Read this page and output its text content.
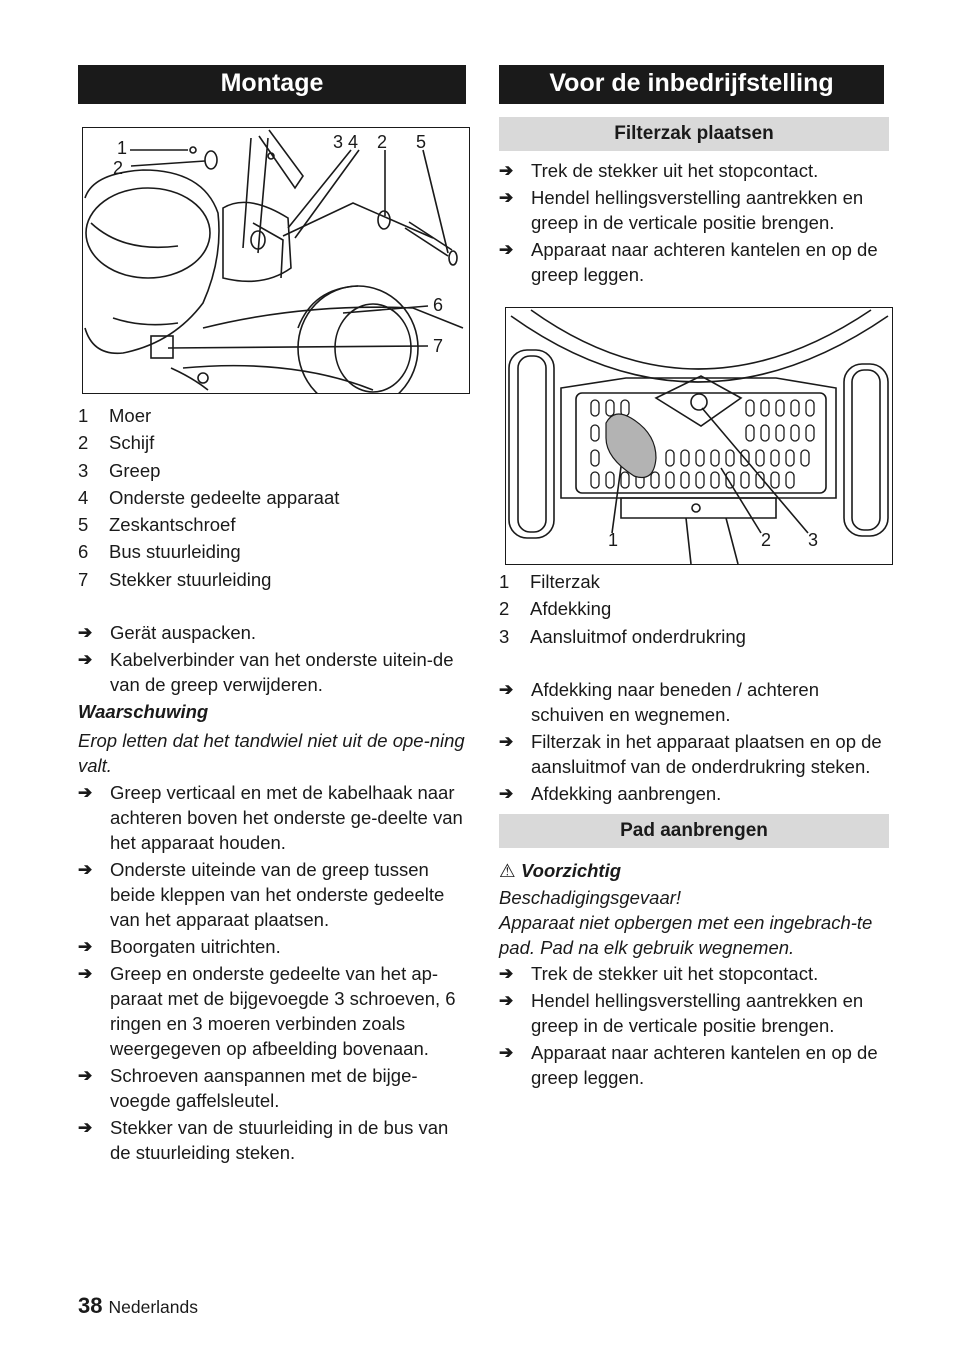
Montage
1
2
3 4 2 5
6
7
1 Moer
2 Schijf
3 Greep
4 Onderste gedeelte apparaat
5 Zeskantschroef
6 Bus stuurleiding
7 Stekker stuurleiding
➔ Gerät auspacken.
➔ Kabelverbinder van het onderste uitein-de van de greep verwijderen.
Waarschuwing
Erop letten dat het tandwiel niet uit de ope-ning valt.
➔ Greep verticaal en met de kabelhaak naar achteren boven het onderste ge-deelte van het apparaat houden.
➔ Onderste uiteinde van de greep tussen beide kleppen van het onderste gedeelte van het apparaat plaatsen.
➔ Boorgaten uitrichten.
➔ Greep en onderste gedeelte van het ap-paraat met de bijgevoegde 3 schroeven, 6 ringen en 3 moeren verbinden zoals weergegeven op afbeelding bovenaan.
➔ Schroeven aanspannen met de bijge-voegde gaffelsleutel.
➔ Stekker van de stuurleiding in de bus van de stuurleiding steken.
Voor de inbedrijfstelling
Filterzak plaatsen
➔ Trek de stekker uit het stopcontact.
➔ Hendel hellingsverstelling aantrekken en greep in de verticale positie brengen.
➔ Apparaat naar achteren kantelen en op de greep leggen.
1	2 3
1 Filterzak
2 Afdekking
3 Aansluitmof onderdrukring
➔ Afdekking naar beneden / achteren schuiven en wegnemen.
➔ Filterzak in het apparaat plaatsen en op de aansluitmof van de onderdrukring steken.
➔ Afdekking aanbrengen.
Pad aanbrengen
⚠ Voorzichtig
Beschadigingsgevaar!
Apparaat niet opbergen met een ingebrach-te pad. Pad na elk gebruik wegnemen.
➔ Trek de stekker uit het stopcontact.
➔ Hendel hellingsverstelling aantrekken en greep in de verticale positie brengen.
➔ Apparaat naar achteren kantelen en op de greep leggen.
38 Nederlands
